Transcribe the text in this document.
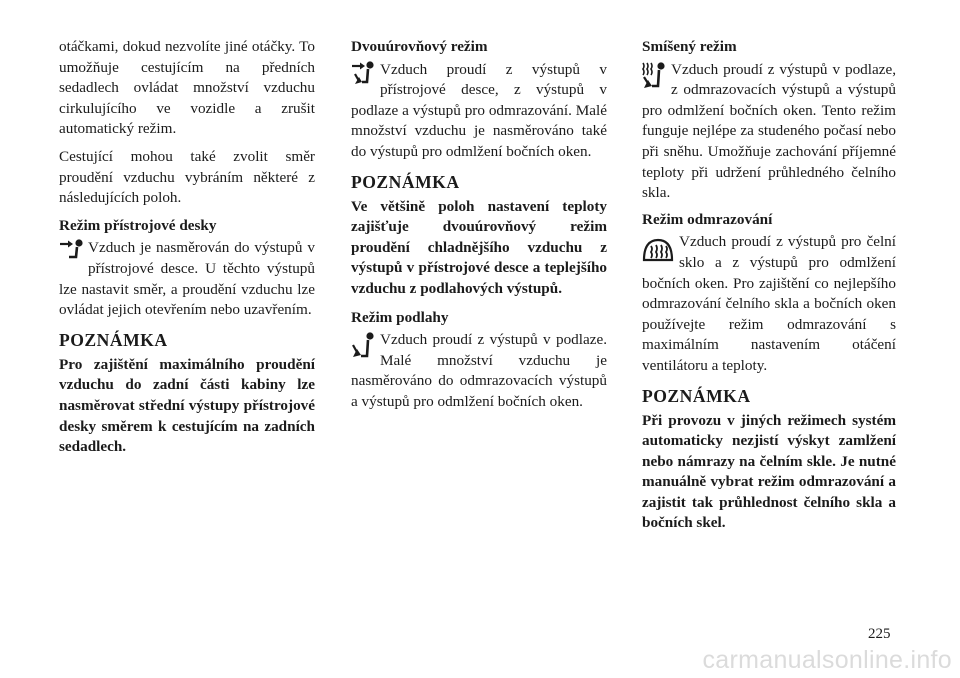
otáčkami, dokud nezvolíte jiné otáčky. To umožňuje cestujícím na předních sedadlech ovládat množství vzduchu cirkulujícího ve vozidle a zrušit automatický režim.

Cestující mohou také zvolit směr proudění vzduchu vybráním některé z následujících poloh.

Režim přístrojové desky

Vzduch je nasměrován do výstupů v přístrojové desce. U těchto výstupů lze nastavit směr, a proudění vzduchu lze ovládat jejich otevřením nebo uzavřením.

POZNÁMKA

Pro zajištění maximálního proudění vzduchu do zadní části kabiny lze nasměrovat střední výstupy přístrojové desky směrem k cestujícím na zadních sedadlech.

Dvouúrovňový režim

Vzduch proudí z výstupů v přístrojové desce, z výstupů v podlaze a výstupů pro odmrazování. Malé množství vzduchu je nasměrováno také do výstupů pro odmlžení bočních oken.

POZNÁMKA

Ve většině poloh nastavení teploty zajišťuje dvouúrovňový režim proudění chladnějšího vzduchu z výstupů v přístrojové desce a teplejšího vzduchu z podlahových výstupů.

Režim podlahy

Vzduch proudí z výstupů v podlaze. Malé množství vzduchu je nasměrováno do odmrazovacích výstupů a výstupů pro odmlžení bočních oken.

Smíšený režim

Vzduch proudí z výstupů v podlaze, z odmrazovacích výstupů a výstupů pro odmlžení bočních oken. Tento režim funguje nejlépe za studeného počasí nebo při sněhu. Umožňuje zachování příjemné teploty při udržení průhledného čelního skla.

Režim odmrazování

Vzduch proudí z výstupů pro čelní sklo a z výstupů pro odmlžení bočních oken. Pro zajištění co nejlepšího odmrazování čelního skla a bočních oken používejte režim odmrazování s maximálním nastavením otáčení ventilátoru a teploty.

POZNÁMKA

Při provozu v jiných režimech systém automaticky nezjistí výskyt zamlžení nebo námrazy na čelním skle. Je nutné manuálně vybrat režim odmrazování a zajistit tak průhlednost čelního skla a bočních skel.

225
carmanualsonline.info
